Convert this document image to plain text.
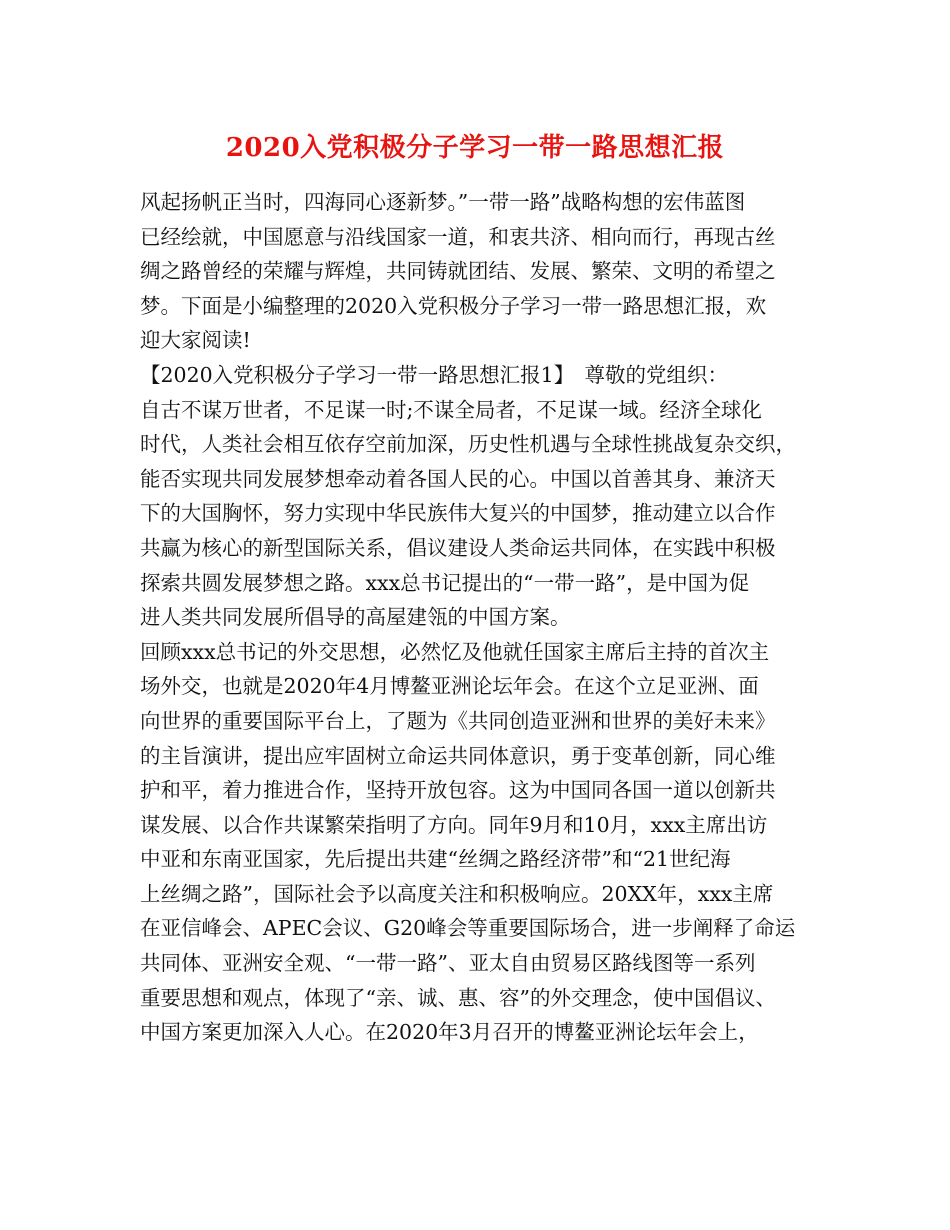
2020入党积极分子学习一带一路思想汇报
风起扬帆正当时，四海同心逐新梦。”一带一路”战略构想的宏伟蓝图
已经绘就，中国愿意与沿线国家一道，和衷共济、相向而行，再现古丝
绸之路曾经的荣耀与辉煌，共同铸就团结、发展、繁荣、文明的希望之
梦。下面是小编整理的2020入党积极分子学习一带一路思想汇报，欢
迎大家阅读!
【2020入党积极分子学习一带一路思想汇报1】　尊敬的党组织：
自古不谋万世者，不足谋一时;不谋全局者，不足谋一域。经济全球化
时代，人类社会相互依存空前加深，历史性机遇与全球性挑战复杂交织，
能否实现共同发展梦想牵动着各国人民的心。中国以首善其身、兼济天
下的大国胸怀，努力实现中华民族伟大复兴的中国梦，推动建立以合作
共赢为核心的新型国际关系，倡议建设人类命运共同体，在实践中积极
探索共圆发展梦想之路。xxx总书记提出的“一带一路”，是中国为促
进人类共同发展所倡导的高屋建瓴的中国方案。
回顾xxx总书记的外交思想，必然忆及他就任国家主席后主持的首次主
场外交，也就是2020年4月博鳌亚洲论坛年会。在这个立足亚洲、面
向世界的重要国际平台上，了题为《共同创造亚洲和世界的美好未来》
的主旨演讲，提出应牢固树立命运共同体意识，勇于变革创新，同心维
护和平，着力推进合作，坚持开放包容。这为中国同各国一道以创新共
谋发展、以合作共谋繁荣指明了方向。同年9月和10月，xxx主席出访
中亚和东南亚国家，先后提出共建“丝绸之路经济带”和“21世纪海
上丝绸之路”，国际社会予以高度关注和积极响应。20XX年，xxx主席
在亚信峰会、APEC会议、G20峰会等重要国际场合，进一步阐释了命运
共同体、亚洲安全观、“一带一路”、亚太自由贸易区路线图等一系列
重要思想和观点，体现了“亲、诚、惠、容”的外交理念，使中国倡议、
中国方案更加深入人心。在2020年3月召开的博鳌亚洲论坛年会上，
